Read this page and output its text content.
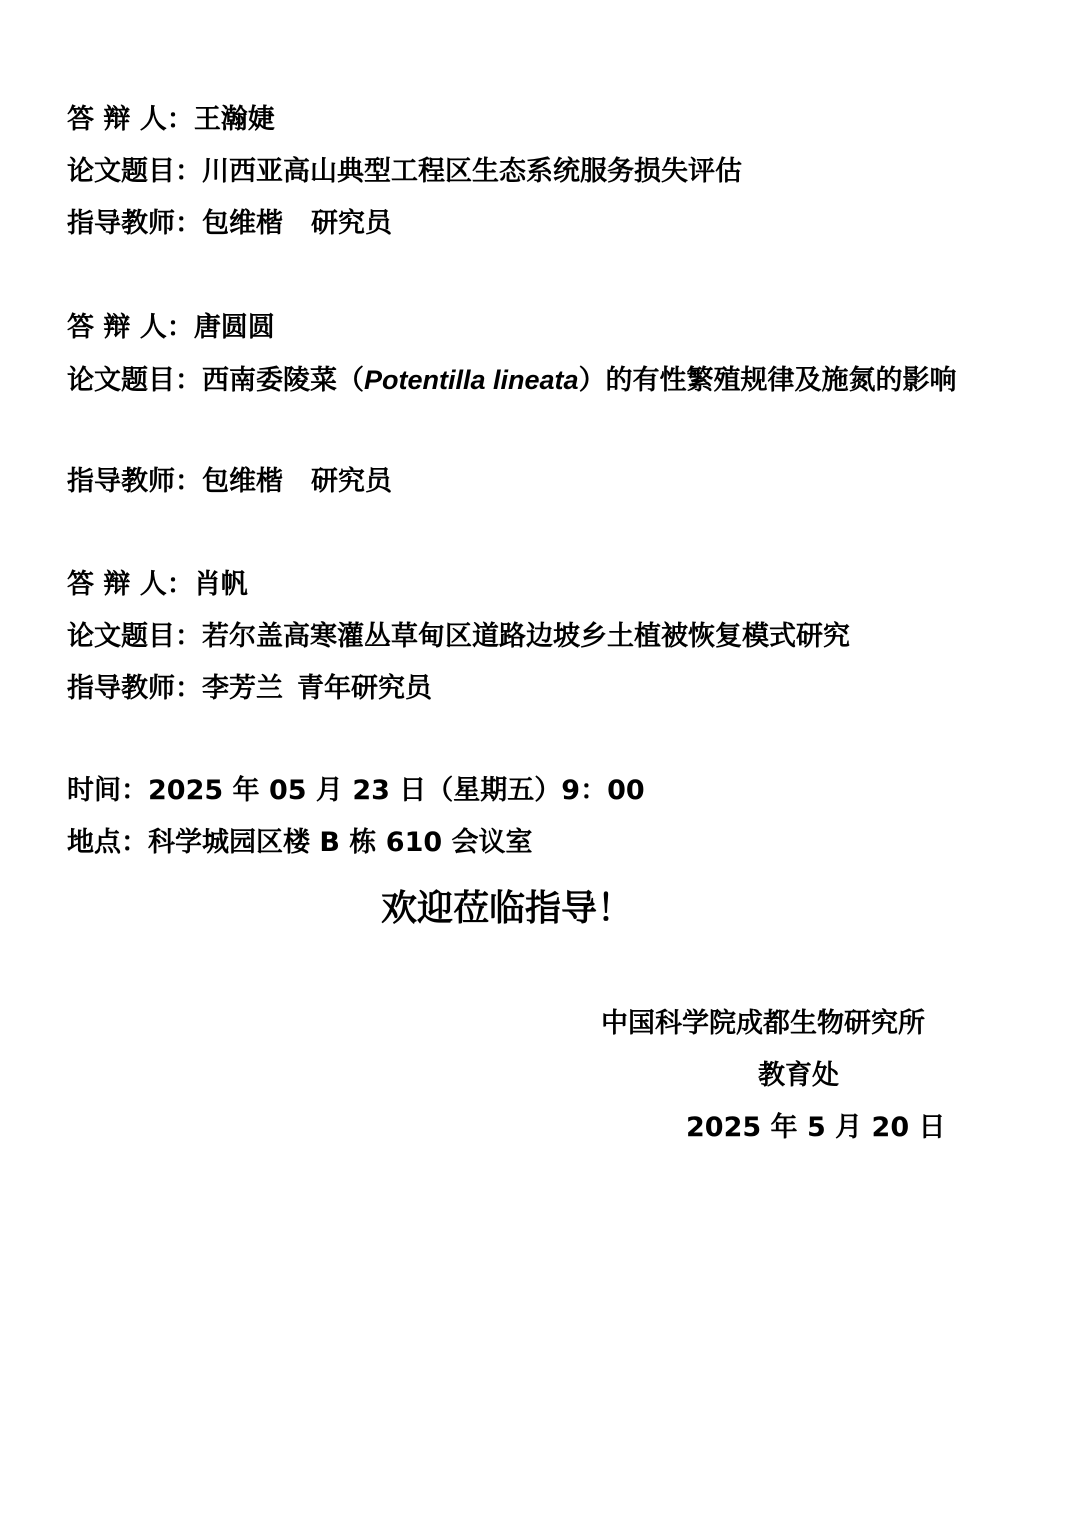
答 辩 人：王瀚婕
论文题目：川西亚高山典型工程区生态系统服务损失评估
指导教师：包维楷 研究员
答 辩 人：唐圆圆
论文题目：西南委陵菜（Potentilla lineata）的有性繁殖规律及施氮的影响
指导教师：包维楷 研究员
答 辩 人：肖帆
论文题目：若尔盖高寒灌丛草甸区道路边坡乡土植被恢复模式研究
指导教师：李芳兰 青年研究员
时间：2025 年 05 月 23 日（星期五）9：00
地点：科学城园区楼 B 栋 610 会议室
欢迎莅临指导！
中国科学院成都生物研究所
教育处
2025 年 5 月 20 日
